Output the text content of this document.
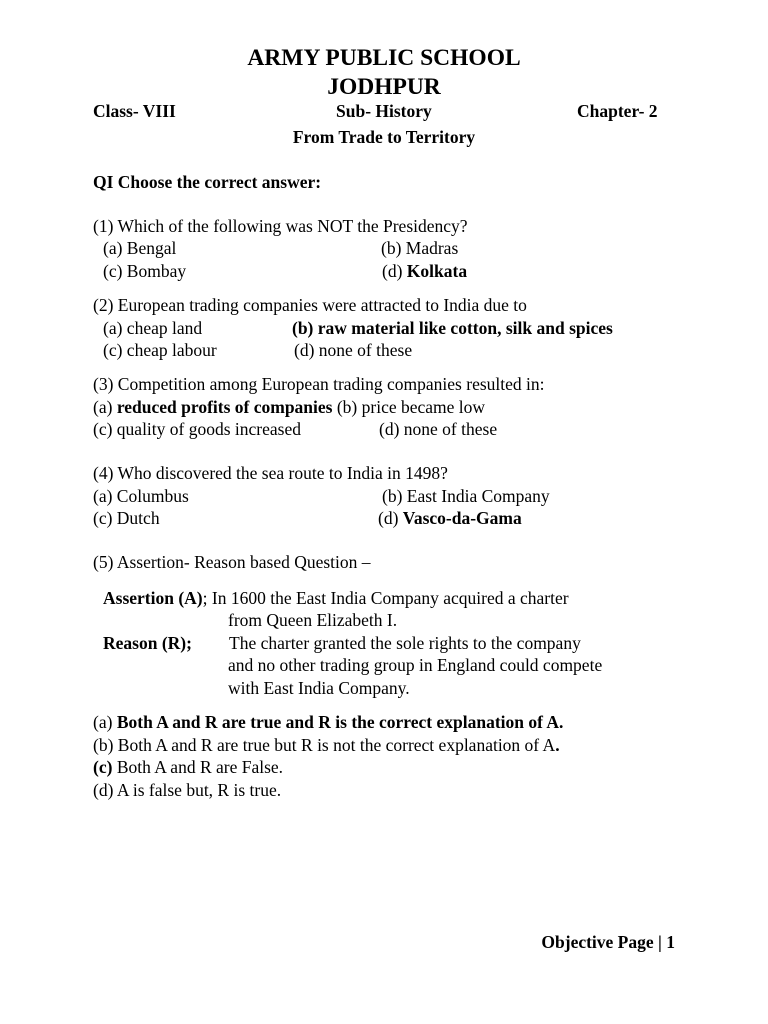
ARMY PUBLIC SCHOOL
JODHPUR
Class- VIII	Sub- History	Chapter- 2
From Trade to Territory
QI Choose the correct answer:
(1) Which of the following was NOT the Presidency?
(a) Bengal	(b) Madras
(c) Bombay	(d) Kolkata
(2) European trading companies were attracted to India due to
(a) cheap land	(b) raw material like cotton, silk and spices
(c) cheap labour	(d) none of these
(3) Competition among European trading companies resulted in:
(a) reduced profits of companies (b) price became low
(c) quality of goods increased	(d) none of these
(4) Who discovered the sea route to India in 1498?
(a) Columbus	(b) East India Company
(c) Dutch	(d) Vasco-da-Gama
(5) Assertion- Reason based Question –
Assertion (A); In 1600 the East India Company acquired a charter
from Queen Elizabeth I.
Reason (R); The charter granted the sole rights to the company
and no other trading group in England could compete
with East India Company.
(a) Both A and R are true and R is the correct explanation of A.
(b) Both A and R are true but R is not the correct explanation of A.
(c) Both A and R are False.
(d) A is false but, R is true.
Objective Page | 1
